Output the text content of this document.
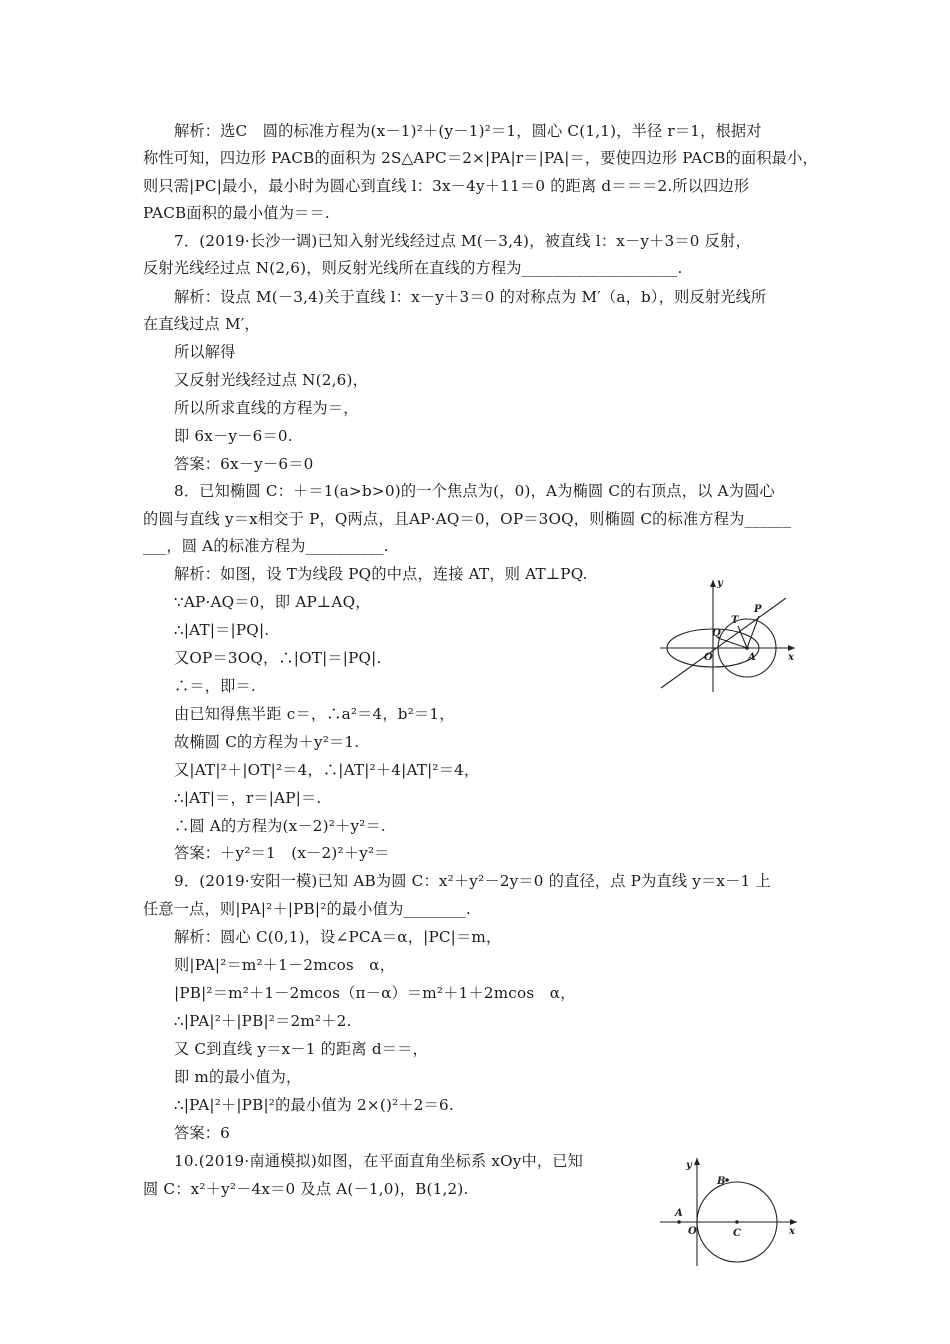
解析：选C　圆的标准方程为(x－1)²＋(y－1)²＝1，圆心 C(1,1)，半径 r＝1，根据对
称性可知，四边形 PACB的面积为 2S△APC＝2×|PA|r＝|PA|＝，要使四边形 PACB的面积最小，
则只需|PC|最小，最小时为圆心到直线 l：3x－4y＋11＝0 的距离 d＝＝＝2.所以四边形
PACB面积的最小值为＝＝.
7．(2019·长沙一调)已知入射光线经过点 M(－3,4)，被直线 l：x－y＋3＝0 反射，
反射光线经过点 N(2,6)，则反射光线所在直线的方程为____________________.
解析：设点 M(－3,4)关于直线 l：x－y＋3＝0 的对称点为 M′（a，b），则反射光线所
在直线过点 M′，
所以解得
又反射光线经过点 N(2,6)，
所以所求直线的方程为＝，
即 6x－y－6＝0.
答案：6x－y－6＝0
8．已知椭圆 C：＋＝1(a>b>0)的一个焦点为(，0)，A为椭圆 C的右顶点，以 A为圆心
的圆与直线 y＝x相交于 P，Q两点，且AP·AQ＝0，OP＝3OQ，则椭圆 C的标准方程为______
___，圆 A的标准方程为__________.
解析：如图，设 T为线段 PQ的中点，连接 AT，则 AT⊥PQ.
∵AP·AQ＝0，即 AP⊥AQ，
∴|AT|＝|PQ|.
又OP＝3OQ，∴|OT|＝|PQ|.
∴＝，即＝.
由已知得焦半距 c＝，∴a²＝4，b²＝1，
故椭圆 C的方程为＋y²＝1.
又|AT|²＋|OT|²＝4，∴|AT|²＋4|AT|²＝4，
∴|AT|＝，r＝|AP|＝.
∴圆 A的方程为(x－2)²＋y²＝.
答案：＋y²＝1　(x－2)²＋y²＝
9．(2019·安阳一模)已知 AB为圆 C：x²＋y²－2y＝0 的直径，点 P为直线 y＝x－1 上
任意一点，则|PA|²＋|PB|²的最小值为________.
解析：圆心 C(0,1)，设∠PCA＝α，|PC|＝m，
则|PA|²＝m²＋1－2mcos　α，
|PB|²＝m²＋1－2mcos（π－α）＝m²＋1＋2mcos　α，
∴|PA|²＋|PB|²＝2m²＋2.
又 C到直线 y＝x－1 的距离 d＝＝，
即 m的最小值为，
∴|PA|²＋|PB|²的最小值为 2×()²＋2＝6.
答案：6
10.(2019·南通模拟)如图，在平面直角坐标系 xOy中，已知
圆 C：x²＋y²－4x＝0 及点 A(－1,0)，B(1,2).
y
x
O	A
Q
T
P
y
x
O
A
B
C
